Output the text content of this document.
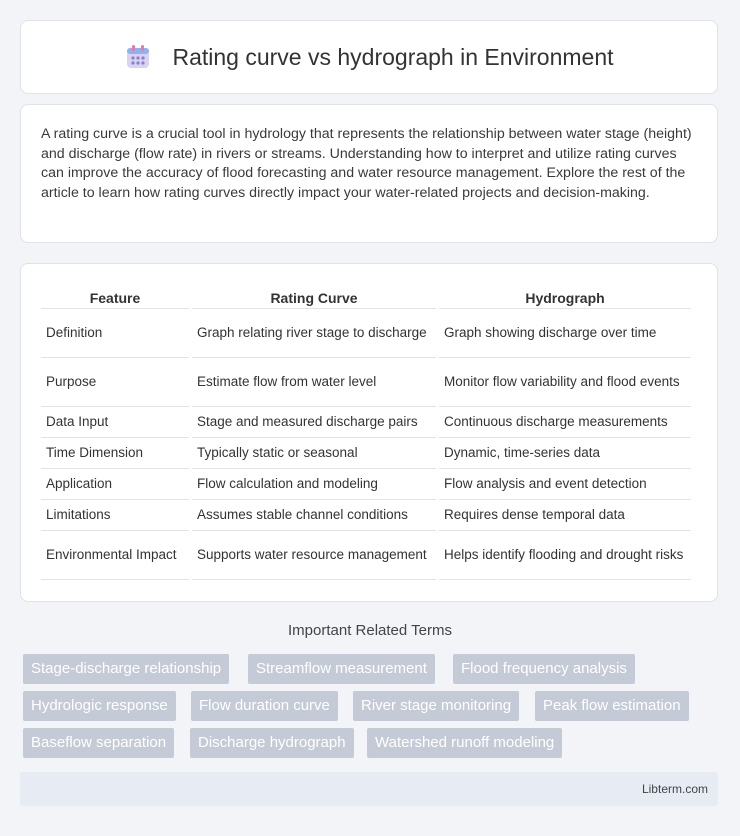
Rating curve vs hydrograph in Environment

A rating curve is a crucial tool in hydrology that represents the relationship between water stage (height) and discharge (flow rate) in rivers or streams. Understanding how to interpret and utilize rating curves can improve the accuracy of flood forecasting and water resource management. Explore the rest of the article to learn how rating curves directly impact your water-related projects and decision-making.

Feature	Rating Curve	Hydrograph
Definition	Graph relating river stage to discharge	Graph showing discharge over time
Purpose	Estimate flow from water level	Monitor flow variability and flood events
Data Input	Stage and measured discharge pairs	Continuous discharge measurements
Time Dimension	Typically static or seasonal	Dynamic, time-series data
Application	Flow calculation and modeling	Flow analysis and event detection
Limitations	Assumes stable channel conditions	Requires dense temporal data
Environmental Impact	Supports water resource management	Helps identify flooding and drought risks
Important Related Terms
Stage-discharge relationship	Streamflow measurement	Flood frequency analysis
Hydrologic response	Flow duration curve	River stage monitoring	Peak flow estimation
Baseflow separation	Discharge hydrograph	Watershed runoff modeling
Libterm.com
